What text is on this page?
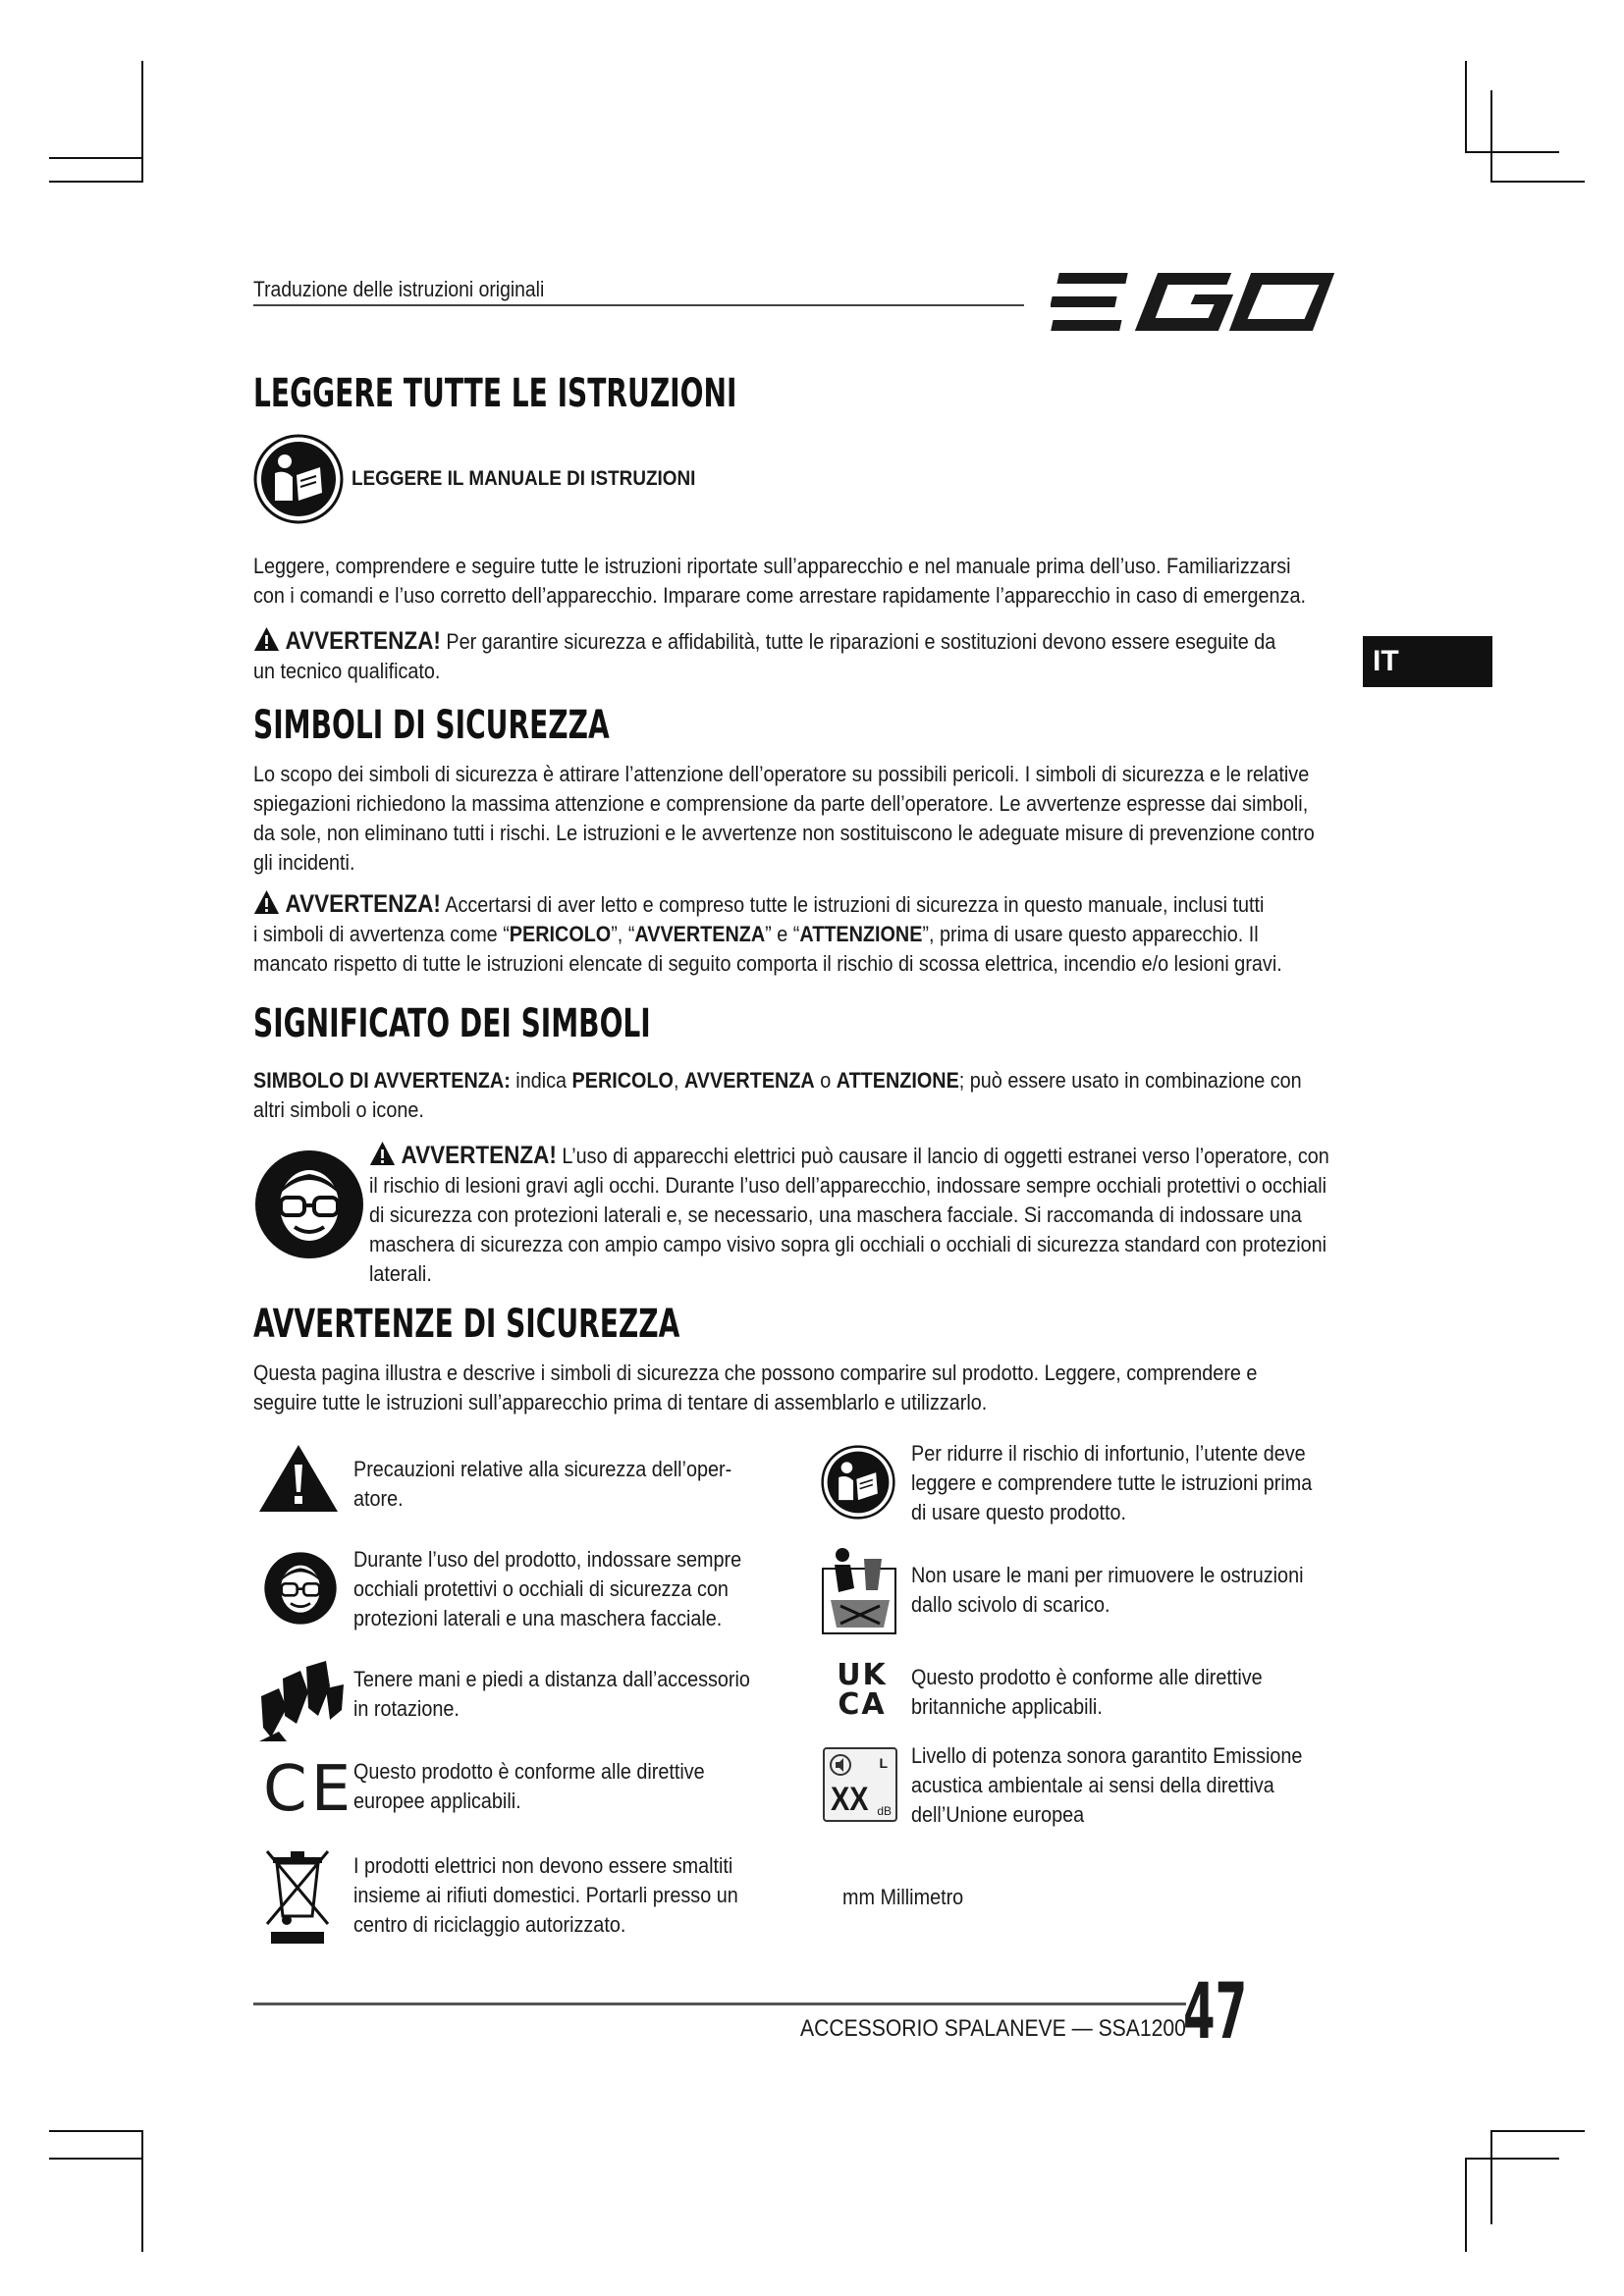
Traduzione delle istruzioni originali
IT
LEGGERE TUTTE LE ISTRUZIONI
LEGGERE IL MANUALE DI ISTRUZIONI
Leggere, comprendere e seguire tutte le istruzioni riportate sull’apparecchio e nel manuale prima dell’uso. Familiarizzarsi
con i comandi e l’uso corretto dell’apparecchio. Imparare come arrestare rapidamente l’apparecchio in caso di emergenza.
AVVERTENZA! Per garantire sicurezza e affidabilità, tutte le riparazioni e sostituzioni devono essere eseguite da
un tecnico qualificato.
SIMBOLI DI SICUREZZA
Lo scopo dei simboli di sicurezza è attirare l’attenzione dell’operatore su possibili pericoli. I simboli di sicurezza e le relative
spiegazioni richiedono la massima attenzione e comprensione da parte dell’operatore. Le avvertenze espresse dai simboli,
da sole, non eliminano tutti i rischi. Le istruzioni e le avvertenze non sostituiscono le adeguate misure di prevenzione contro
gli incidenti.
AVVERTENZA! Accertarsi di aver letto e compreso tutte le istruzioni di sicurezza in questo manuale, inclusi tutti
i simboli di avvertenza come “PERICOLO”, “AVVERTENZA” e “ATTENZIONE”, prima di usare questo apparecchio. Il
mancato rispetto di tutte le istruzioni elencate di seguito comporta il rischio di scossa elettrica, incendio e/o lesioni gravi.
SIGNIFICATO DEI SIMBOLI
SIMBOLO DI AVVERTENZA: indica PERICOLO, AVVERTENZA o ATTENZIONE; può essere usato in combinazione con
altri simboli o icone.
AVVERTENZA! L’uso di apparecchi elettrici può causare il lancio di oggetti estranei verso l’operatore, con
il rischio di lesioni gravi agli occhi. Durante l’uso dell’apparecchio, indossare sempre occhiali protettivi o occhiali
di sicurezza con protezioni laterali e, se necessario, una maschera facciale. Si raccomanda di indossare una
maschera di sicurezza con ampio campo visivo sopra gli occhiali o occhiali di sicurezza standard con protezioni
laterali.
AVVERTENZE DI SICUREZZA
Questa pagina illustra e descrive i simboli di sicurezza che possono comparire sul prodotto. Leggere, comprendere e
seguire tutte le istruzioni sull’apparecchio prima di tentare di assemblarlo e utilizzarlo.
Precauzioni relative alla sicurezza dell’oper-
atore.
Durante l’uso del prodotto, indossare sempre
occhiali protettivi o occhiali di sicurezza con
protezioni laterali e una maschera facciale.
Tenere mani e piedi a distanza dall’accessorio
in rotazione.
CE
Questo prodotto è conforme alle direttive
europee applicabili.
I prodotti elettrici non devono essere smaltiti
insieme ai rifiuti domestici. Portarli presso un
centro di riciclaggio autorizzato.
Per ridurre il rischio di infortunio, l’utente deve
leggere e comprendere tutte le istruzioni prima
di usare questo prodotto.
Non usare le mani per rimuovere le ostruzioni
dallo scivolo di scarico.
UK
CA
Questo prodotto è conforme alle direttive
britanniche applicabili.
L
XX dB
Livello di potenza sonora garantito Emissione
acustica ambientale ai sensi della direttiva
dell’Unione europea
mm Millimetro
ACCESSORIO SPALANEVE — SSA1200
47
